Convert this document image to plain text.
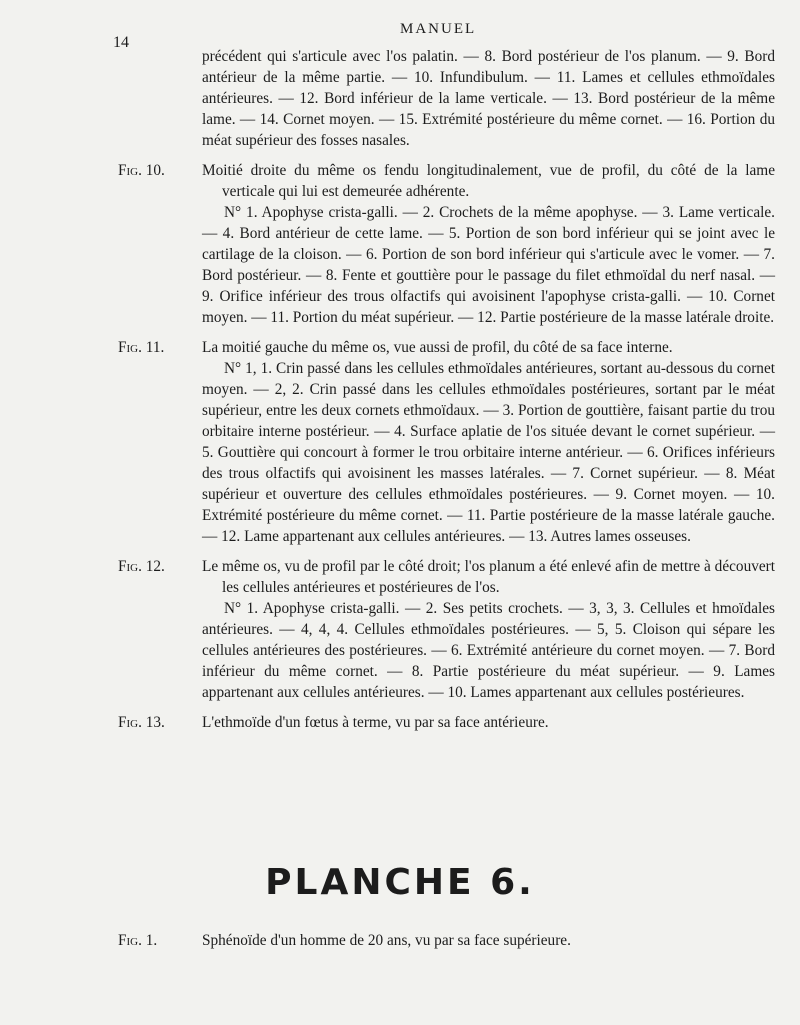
14
MANUEL

précédent qui s'articule avec l'os palatin. — 8. Bord postérieur de l'os planum. — 9. Bord antérieur de la même partie. — 10. Infundibulum. — 11. Lames et cellules ethmoïdales antérieures. — 12. Bord inférieur de la lame verticale. — 13. Bord postérieur de la même lame. — 14. Cornet moyen. — 15. Extrémité postérieure du même cornet. — 16. Portion du méat supérieur des fosses nasales.

Fig. 10. Moitié droite du même os fendu longitudinalement, vue de profil, du côté de la lame verticale qui lui est demeurée adhérente.
N° 1. Apophyse crista-galli. — 2. Crochets de la même apophyse. — 3. Lame verticale. — 4. Bord antérieur de cette lame. — 5. Portion de son bord inférieur qui se joint avec le cartilage de la cloison. — 6. Portion de son bord inférieur qui s'articule avec le vomer. — 7. Bord postérieur. — 8. Fente et gouttière pour le passage du filet ethmoïdal du nerf nasal. — 9. Orifice inférieur des trous olfactifs qui avoisinent l'apophyse crista-galli. — 10. Cornet moyen. — 11. Portion du méat supérieur. — 12. Partie postérieure de la masse latérale droite.
Fig. 11. La moitié gauche du même os, vue aussi de profil, du côté de sa face interne.
N° 1, 1. Crin passé dans les cellules ethmoïdales antérieures, sortant au-dessous du cornet moyen. — 2, 2. Crin passé dans les cellules ethmoïdales postérieures, sortant par le méat supérieur, entre les deux cornets ethmoïdaux. — 3. Portion de gouttière, faisant partie du trou orbitaire interne postérieur. — 4. Surface aplatie de l'os située devant le cornet supérieur. — 5. Gouttière qui concourt à former le trou orbitaire interne antérieur. — 6. Orifices inférieurs des trous olfactifs qui avoisinent les masses latérales. — 7. Cornet supérieur. — 8. Méat supérieur et ouverture des cellules ethmoïdales postérieures. — 9. Cornet moyen. — 10. Extrémité postérieure du même cornet. — 11. Partie postérieure de la masse latérale gauche. — 12. Lame appartenant aux cellules antérieures. — 13. Autres lames osseuses.
Fig. 12. Le même os, vu de profil par le côté droit; l'os planum a été enlevé afin de mettre à découvert les cellules antérieures et postérieures de l'os.
N° 1. Apophyse crista-galli. — 2. Ses petits crochets. — 3, 3, 3. Cellules et hmoïdales antérieures. — 4, 4, 4. Cellules ethmoïdales postérieures. — 5, 5. Cloison qui sépare les cellules antérieures des postérieures. — 6. Extrémité antérieure du cornet moyen. — 7. Bord inférieur du même cornet. — 8. Partie postérieure du méat supérieur. — 9. Lames appartenant aux cellules antérieures. — 10. Lames appartenant aux cellules postérieures.
Fig. 13. L'ethmoïde d'un fœtus à terme, vu par sa face antérieure.
PLANCHE 6.
Fig. 1.	Sphénoïde d'un homme de 20 ans, vu par sa face supérieure.
